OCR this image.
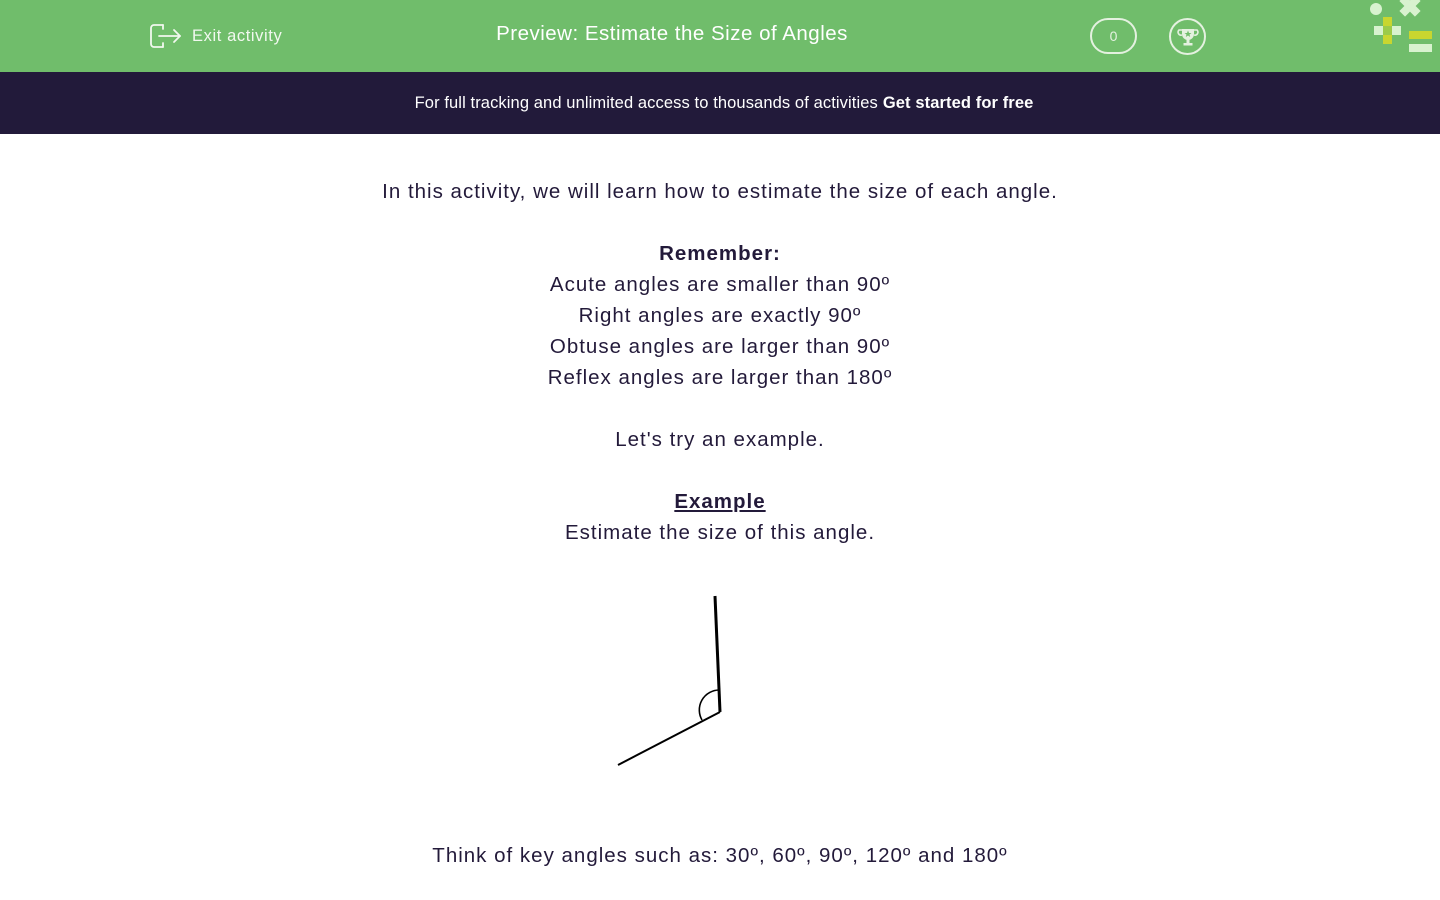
Exit activity	Preview: Estimate the Size of Angles	0
For full tracking and unlimited access to thousands of activities Get started for free
In this activity, we will learn how to estimate the size of each angle.
Remember:
Acute angles are smaller than 90º
Right angles are exactly 90º
Obtuse angles are larger than 90º
Reflex angles are larger than 180º
Let's try an example.
Example
Estimate the size of this angle.
Think of key angles such as: 30º, 60º, 90º, 120º and 180º
